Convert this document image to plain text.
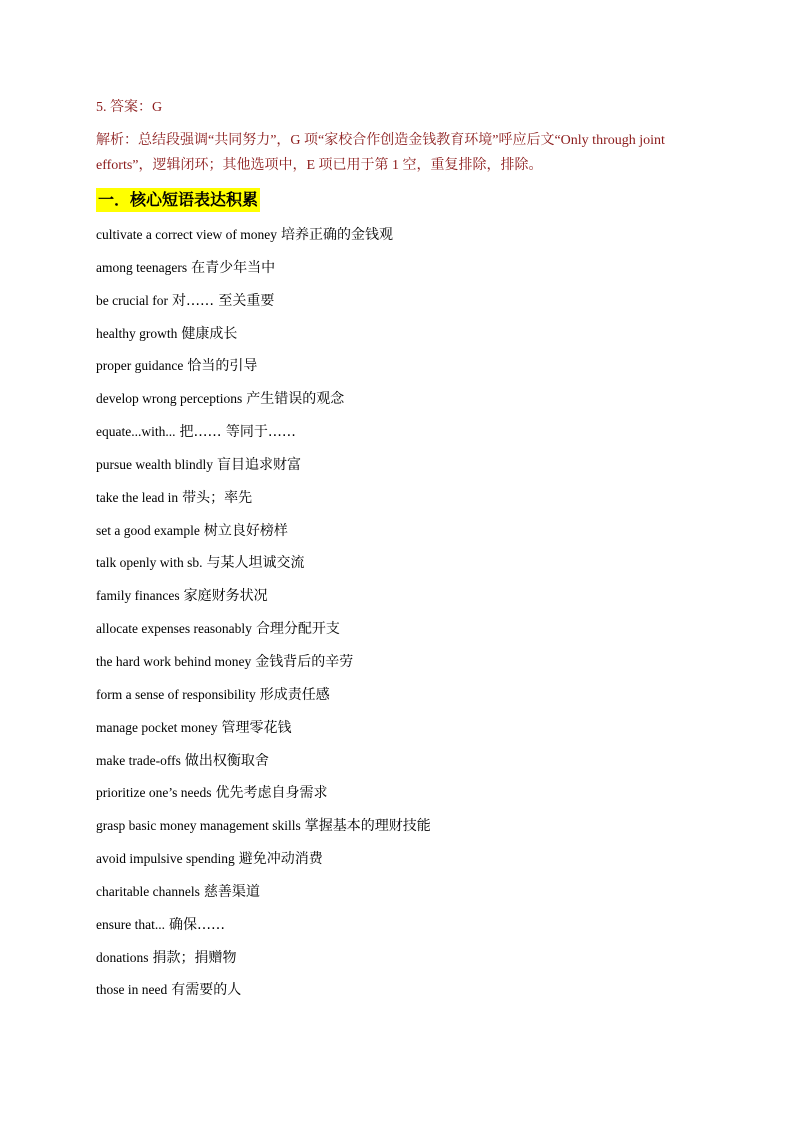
5. 答案：G
解析：总结段强调“共同努力”，G 项“家校合作创造金钱教育环境”呼应后文“Only through joint efforts”，逻辑闭环；其他选项中，E 项已用于第 1 空，重复排除，排除。
一．核心短语表达积累
cultivate a correct view of money 培养正确的金钱观
among teenagers 在青少年当中
be crucial for 对…… 至关重要
healthy growth 健康成长
proper guidance 恰当的引导
develop wrong perceptions 产生错误的观念
equate...with... 把…… 等同于……
pursue wealth blindly 盲目追求财富
take the lead in 带头；率先
set a good example 树立良好榜样
talk openly with sb. 与某人坦诚交流
family finances 家庭财务状况
allocate expenses reasonably 合理分配开支
the hard work behind money 金钱背后的辛劳
form a sense of responsibility 形成责任感
manage pocket money 管理零花钱
make trade-offs 做出权衡取舍
prioritize one’s needs 优先考虑自身需求
grasp basic money management skills 掌握基本的理财技能
avoid impulsive spending 避免冲动消费
charitable channels 慈善渠道
ensure that... 确保……
donations 捐款；捐赠物
those in need 有需要的人
